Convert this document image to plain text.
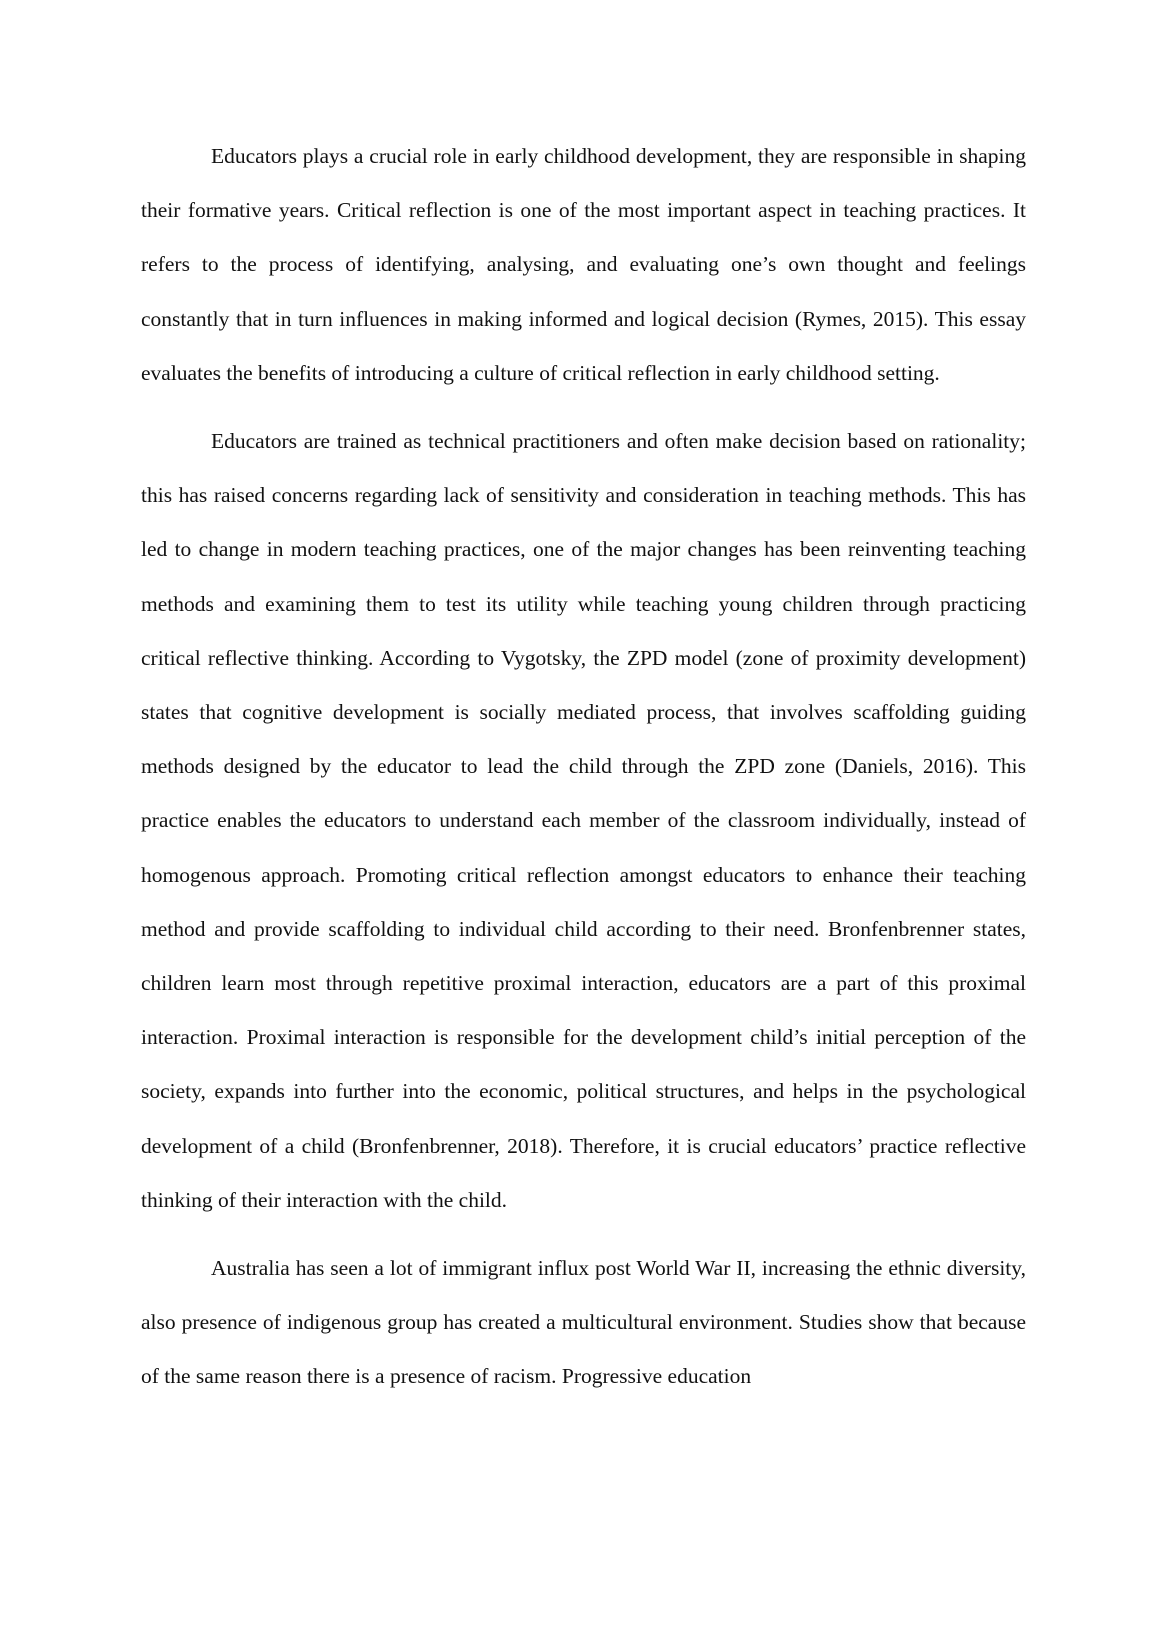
Educators plays a crucial role in early childhood development, they are responsible in shaping their formative years. Critical reflection is one of the most important aspect in teaching practices. It refers to the process of identifying, analysing, and evaluating one’s own thought and feelings constantly that in turn influences in making informed and logical decision (Rymes, 2015). This essay evaluates the benefits of introducing a culture of critical reflection in early childhood setting.

Educators are trained as technical practitioners and often make decision based on rationality; this has raised concerns regarding lack of sensitivity and consideration in teaching methods. This has led to change in modern teaching practices, one of the major changes has been reinventing teaching methods and examining them to test its utility while teaching young children through practicing critical reflective thinking. According to Vygotsky, the ZPD model (zone of proximity development) states that cognitive development is socially mediated process, that involves scaffolding guiding methods designed by the educator to lead the child through the ZPD zone (Daniels, 2016). This practice enables the educators to understand each member of the classroom individually, instead of homogenous approach. Promoting critical reflection amongst educators to enhance their teaching method and provide scaffolding to individual child according to their need. Bronfenbrenner states, children learn most through repetitive proximal interaction, educators are a part of this proximal interaction. Proximal interaction is responsible for the development child’s initial perception of the society, expands into further into the economic, political structures, and helps in the psychological development of a child (Bronfenbrenner, 2018). Therefore, it is crucial educators’ practice reflective thinking of their interaction with the child.

Australia has seen a lot of immigrant influx post World War II, increasing the ethnic diversity, also presence of indigenous group has created a multicultural environment. Studies show that because of the same reason there is a presence of racism. Progressive education
